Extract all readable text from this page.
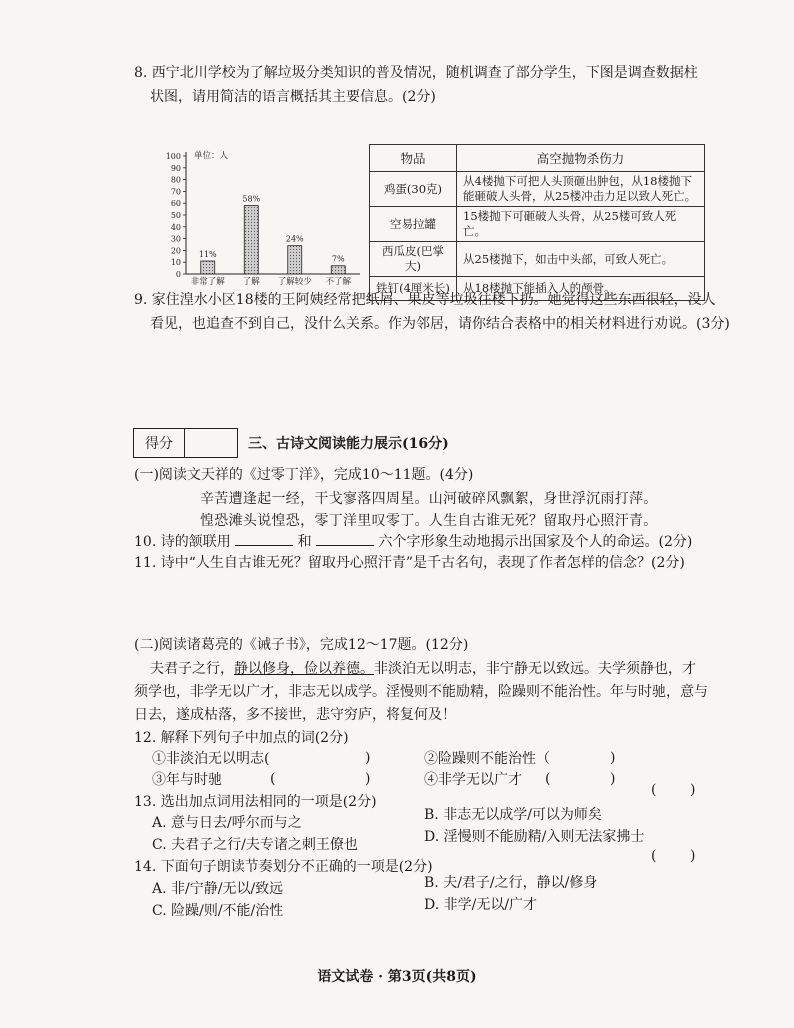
8. 西宁北川学校为了解垃圾分类知识的普及情况，随机调查了部分学生，下图是调查数据柱
状图，请用简洁的语言概括其主要信息。(2分)
0
10
20
30
40
50
60
70
80
90
100 单位：人
11%
非常了解
58%
了解
24%
了解较少
7%
不了解
物品	高空抛物杀伤力
鸡蛋(30克)	从4楼抛下可把人头顶砸出肿包，从18楼抛下
能砸破人头骨，从25楼冲击力足以致人死亡。

空易拉罐	15楼抛下可砸破人头骨，从25楼可致人死亡。
西瓜皮(巴掌大)	从25楼抛下，如击中头部，可致人死亡。
铁钉(4厘米长)	从18楼抛下能插入人的颅骨。
9. 家住湟水小区18楼的王阿姨经常把纸屑、果皮等垃圾往楼下扔。她觉得这些东西很轻，没人
看见，也追查不到自己，没什么关系。作为邻居，请你结合表格中的相关材料进行劝说。(3分)
得分	三、古诗文阅读能力展示(16分)
(一)阅读文天祥的《过零丁洋》，完成10～11题。(4分)
辛苦遭逢起一经，干戈寥落四周星。山河破碎风飘絮，身世浮沉雨打萍。
惶恐滩头说惶恐，零丁洋里叹零丁。人生自古谁无死？留取丹心照汗青。
10. 诗的颔联用	和	六个字形象生动地揭示出国家及个人的命运。(2分)
11. 诗中“人生自古谁无死？留取丹心照汗青”是千古名句，表现了作者怎样的信念？(2分)
(二)阅读诸葛亮的《诫子书》，完成12～17题。(12分)
夫君子之行，静以修身，俭以养德。非淡泊无以明志，非宁静无以致远。夫学须静也，才
须学也，非学无以广才，非志无以成学。淫慢则不能励精，险躁则不能治性。年与时驰，意与
日去，遂成枯落，多不接世，悲守穷庐，将复何及！
12. 解释下列句子中加点的词(2分)
①非淡泊无以明志(	)	②险躁则不能治性（	)
③年与时驰	(	)	④非学无以广才 (	)
( )
13. 选出加点词用法相同的一项是(2分)
B. 非志无以成学/可以为师矣
A. 意与日去/呼尔而与之
D. 淫慢则不能励精/入则无法家拂士
C. 夫君子之行/夫专诸之刺王僚也
( )
14. 下面句子朗读节奏划分不正确的一项是(2分)
B. 夫/君子/之行，静以/修身
A. 非/宁静/无以/致远
D. 非学/无以/广才
C. 险躁/则/不能/治性
语文试卷 · 第3页(共8页)
